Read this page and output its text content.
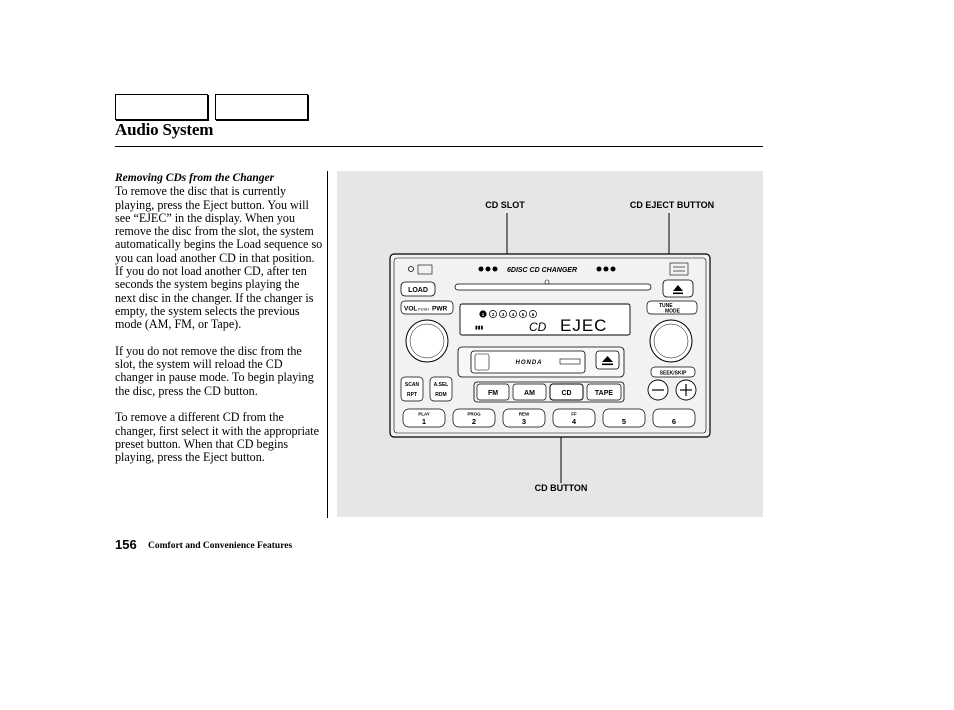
Audio System
Removing CDs from the Changer

To remove the disc that is currently playing, press the Eject button. You will see “EJEC” in the display. When you remove the disc from the slot, the system automatically begins the Load sequence so you can load another CD in that position. If you do not load another CD, after ten seconds the system begins playing the next disc in the changer. If the changer is empty, the system selects the previous mode (AM, FM, or Tape).

If you do not remove the disc from the slot, the system will reload the CD changer in pause mode. To begin playing the disc, press the CD button.

To remove a different CD from the changer, first select it with the appropriate preset button. When that CD begins playing, press the Eject button.

CD SLOT	CD EJECT BUTTON
CD BUTTON
6DISC CD CHANGER
LOAD
VOL PUSH PWR	TUNE
MODE
1 2 3 4 5 6
▮▮▮	CD EJEC
HONDA
SEEK/SKIP
SCAN
RPT
A.SEL
RDM	FM	AM	CD	TAPE
PLAY
1
PROG
2
REW
3
FF
4	5	6
156 Comfort and Convenience Features
